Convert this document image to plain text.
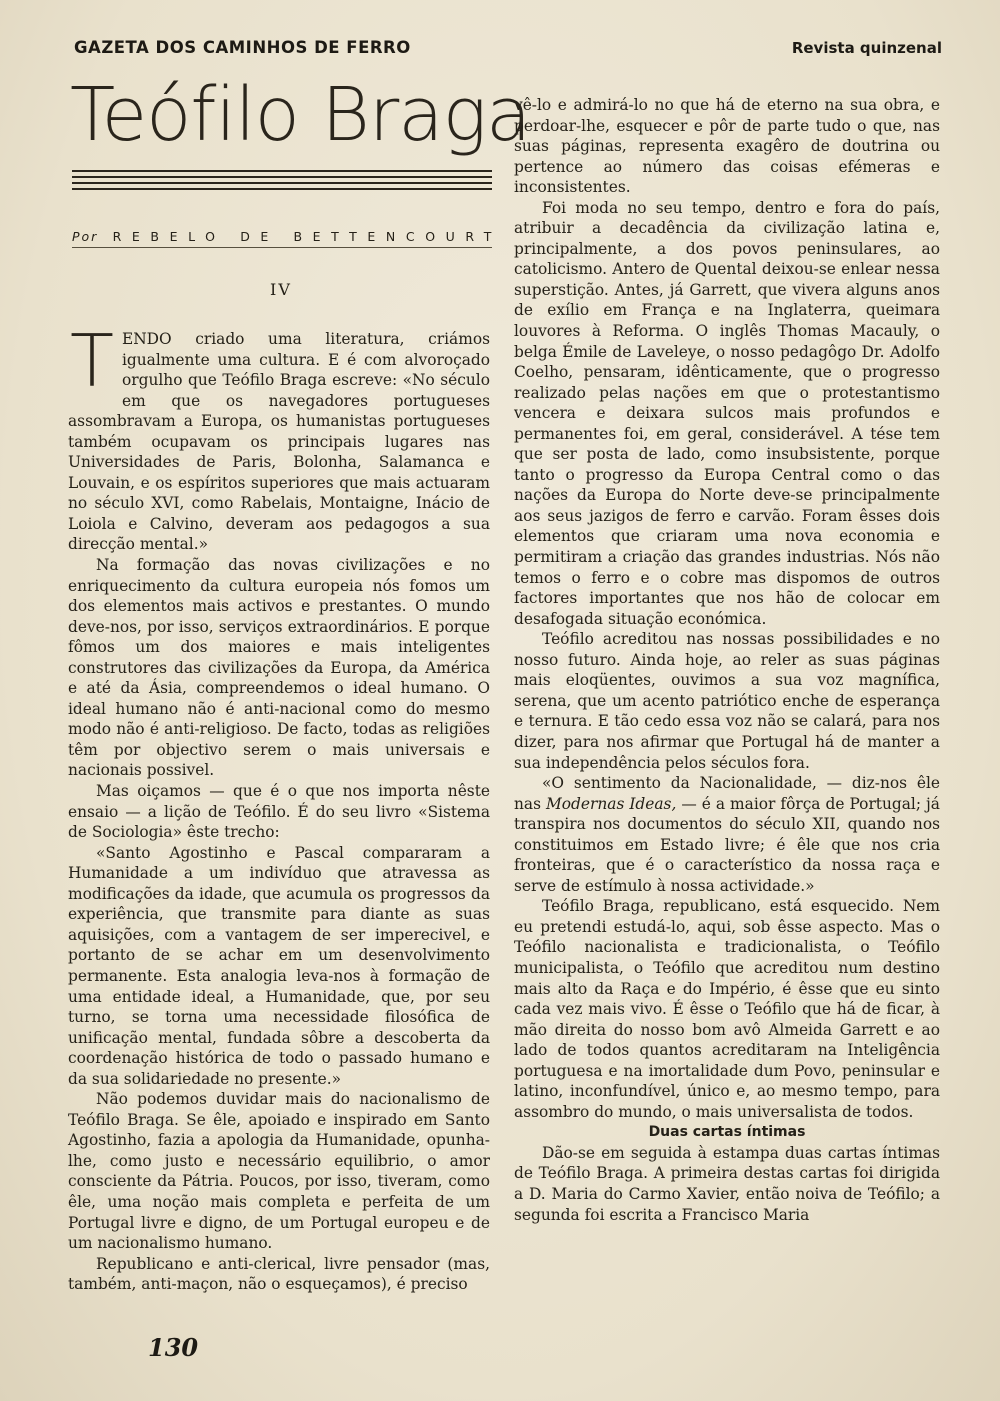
GAZETA DOS CAMINHOS DE FERRO	Revista quinzenal
Teófilo Braga
Por REBELO DE BETTENCOURT
IV

TENDO criado uma literatura, criámos igualmente uma cultura. E é com alvoroçado orgulho que Teófilo Braga escreve: «No século em que os navegadores portugueses assombravam a Europa, os humanistas portugueses também ocupavam os principais lugares nas Universidades de Paris, Bolonha, Salamanca e Louvain, e os espíritos superiores que mais actuaram no século XVI, como Rabelais, Montaigne, Inácio de Loiola e Calvino, deveram aos pedagogos a sua direcção mental.»

Na formação das novas civilizações e no enriquecimento da cultura europeia nós fomos um dos elementos mais activos e prestantes. O mundo deve-nos, por isso, serviços extraordinários. E porque fômos um dos maiores e mais inteligentes construtores das civilizações da Europa, da América e até da Ásia, compreendemos o ideal humano. O ideal humano não é anti-nacional como do mesmo modo não é anti-religioso. De facto, todas as religiões têm por objectivo serem o mais universais e nacionais possivel.

Mas oiçamos — que é o que nos importa nêste ensaio — a lição de Teófilo. É do seu livro «Sistema de Sociologia» êste trecho:

«Santo Agostinho e Pascal compararam a Humanidade a um indivíduo que atravessa as modificações da idade, que acumula os progressos da experiência, que transmite para diante as suas aquisições, com a vantagem de ser imperecivel, e portanto de se achar em um desenvolvimento permanente. Esta analogia leva-nos à formação de uma entidade ideal, a Humanidade, que, por seu turno, se torna uma necessidade filosófica de unificação mental, fundada sôbre a descoberta da coordenação histórica de todo o passado humano e da sua solidariedade no presente.»

Não podemos duvidar mais do nacionalismo de Teófilo Braga. Se êle, apoiado e inspirado em Santo Agostinho, fazia a apologia da Humanidade, opunha-lhe, como justo e necessário equilibrio, o amor consciente da Pátria. Poucos, por isso, tiveram, como êle, uma noção mais completa e perfeita de um Portugal livre e digno, de um Portugal europeu e de um nacionalismo humano.

Republicano e anti-clerical, livre pensador (mas, também, anti-maçon, não o esqueçamos), é preciso

vê-lo e admirá-lo no que há de eterno na sua obra, e perdoar-lhe, esquecer e pôr de parte tudo o que, nas suas páginas, representa exagêro de doutrina ou pertence ao número das coisas efémeras e inconsistentes.

Foi moda no seu tempo, dentro e fora do país, atribuir a decadência da civilização latina e, principalmente, a dos povos peninsulares, ao catolicismo. Antero de Quental deixou-se enlear nessa superstição. Antes, já Garrett, que vivera alguns anos de exílio em França e na Inglaterra, queimara louvores à Reforma. O inglês Thomas Macauly, o belga Émile de Laveleye, o nosso pedagôgo Dr. Adolfo Coelho, pensaram, idênticamente, que o progresso realizado pelas nações em que o protestantismo vencera e deixara sulcos mais profundos e permanentes foi, em geral, considerável. A tése tem que ser posta de lado, como insubsistente, porque tanto o progresso da Europa Central como o das nações da Europa do Norte deve-se principalmente aos seus jazigos de ferro e carvão. Foram êsses dois elementos que criaram uma nova economia e permitiram a criação das grandes industrias. Nós não temos o ferro e o cobre mas dispomos de outros factores importantes que nos hão de colocar em desafogada situação económica.

Teófilo acreditou nas nossas possibilidades e no nosso futuro. Ainda hoje, ao reler as suas páginas mais eloqüentes, ouvimos a sua voz magnífica, serena, que um acento patriótico enche de esperança e ternura. E tão cedo essa voz não se calará, para nos dizer, para nos afirmar que Portugal há de manter a sua independência pelos séculos fora.

«O sentimento da Nacionalidade, — diz-nos êle nas Modernas Ideas, — é a maior fôrça de Portugal; já transpira nos documentos do século XII, quando nos constituimos em Estado livre; é êle que nos cria fronteiras, que é o característico da nossa raça e serve de estímulo à nossa actividade.»

Teófilo Braga, republicano, está esquecido. Nem eu pretendi estudá-lo, aqui, sob êsse aspecto. Mas o Teófilo nacionalista e tradicionalista, o Teófilo municipalista, o Teófilo que acreditou num destino mais alto da Raça e do Império, é êsse que eu sinto cada vez mais vivo. É êsse o Teófilo que há de ficar, à mão direita do nosso bom avô Almeida Garrett e ao lado de todos quantos acreditaram na Inteligência portuguesa e na imortalidade dum Povo, peninsular e latino, inconfundível, único e, ao mesmo tempo, para assombro do mundo, o mais universalista de todos.

Duas cartas íntimas

Dão-se em seguida à estampa duas cartas íntimas de Teófilo Braga. A primeira destas cartas foi dirigida a D. Maria do Carmo Xavier, então noiva de Teófilo; a segunda foi escrita a Francisco Maria

130
